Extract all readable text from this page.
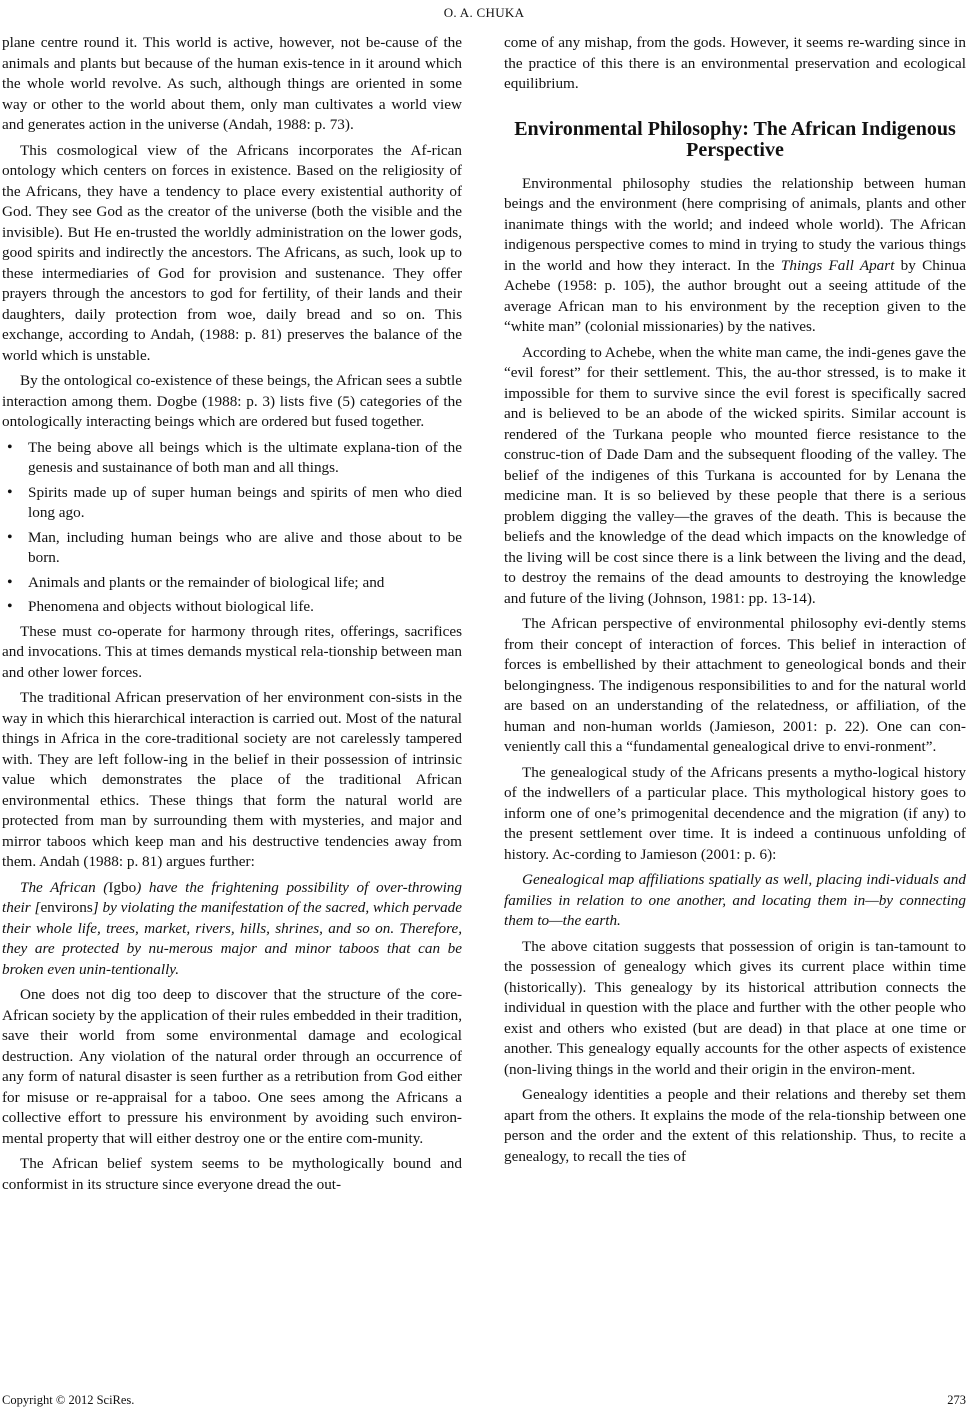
O. A. CHUKA

plane centre round it. This world is active, however, not be-cause of the animals and plants but because of the human exis-tence in it around which the whole world revolve. As such, although things are oriented in some way or other to the world about them, only man cultivates a world view and generates action in the universe (Andah, 1988: p. 73).

This cosmological view of the Africans incorporates the Af-rican ontology which centers on forces in existence. Based on the religiosity of the Africans, they have a tendency to place every existential authority of God. They see God as the creator of the universe (both the visible and the invisible). But He en-trusted the worldly administration on the lower gods, good spirits and indirectly the ancestors. The Africans, as such, look up to these intermediaries of God for provision and sustenance. They offer prayers through the ancestors to god for fertility, of their lands and their daughters, daily protection from woe, daily bread and so on. This exchange, according to Andah, (1988: p. 81) preserves the balance of the world which is unstable.

By the ontological co-existence of these beings, the African sees a subtle interaction among them. Dogbe (1988: p. 3) lists five (5) categories of the ontologically interacting beings which are ordered but fused together.

• The being above all beings which is the ultimate explana-tion of the genesis and sustainance of both man and all things.
• Spirits made up of super human beings and spirits of men who died long ago.
• Man, including human beings who are alive and those about to be born.
• Animals and plants or the remainder of biological life; and
• Phenomena and objects without biological life.

These must co-operate for harmony through rites, offerings, sacrifices and invocations. This at times demands mystical rela-tionship between man and other lower forces.

The traditional African preservation of her environment con-sists in the way in which this hierarchical interaction is carried out. Most of the natural things in Africa in the core-traditional society are not carelessly tampered with. They are left follow-ing in the belief in their possession of intrinsic value which demonstrates the place of the traditional African environmental ethics. These things that form the natural world are protected from man by surrounding them with mysteries, and major and mirror taboos which keep man and his destructive tendencies away from them. Andah (1988: p. 81) argues further:

The African (Igbo) have the frightening possibility of over-throwing their [environs] by violating the manifestation of the sacred, which pervade their whole life, trees, market, rivers, hills, shrines, and so on. Therefore, they are protected by nu-merous major and minor taboos that can be broken even unin-tentionally.

One does not dig too deep to discover that the structure of the core-African society by the application of their rules embedded in their tradition, save their world from some environmental damage and ecological destruction. Any violation of the natural order through an occurrence of any form of natural disaster is seen further as a retribution from God either for misuse or re-appraisal for a taboo. One sees among the Africans a collective effort to pressure his environment by avoiding such environ-mental property that will either destroy one or the entire com-munity.

The African belief system seems to be mythologically bound and conformist in its structure since everyone dread the out-

come of any mishap, from the gods. However, it seems re-warding since in the practice of this there is an environmental preservation and ecological equilibrium.

Environmental Philosophy: The African Indigenous Perspective

Environmental philosophy studies the relationship between human beings and the environment (here comprising of animals, plants and other inanimate things with the world; and indeed whole world). The African indigenous perspective comes to mind in trying to study the various things in the world and how they interact. In the Things Fall Apart by Chinua Achebe (1958: p. 105), the author brought out a seeing attitude of the average African man to his environment by the reception given to the “white man” (colonial missionaries) by the natives.

According to Achebe, when the white man came, the indi-genes gave the “evil forest” for their settlement. This, the au-thor stressed, is to make it impossible for them to survive since the evil forest is specifically sacred and is believed to be an abode of the wicked spirits. Similar account is rendered of the Turkana people who mounted fierce resistance to the construc-tion of Dade Dam and the subsequent flooding of the valley. The belief of the indigenes of this Turkana is accounted for by Lenana the medicine man. It is so believed by these people that there is a serious problem digging the valley—the graves of the death. This is because the beliefs and the knowledge of the dead which impacts on the knowledge of the living will be cost since there is a link between the living and the dead, to destroy the remains of the dead amounts to destroying the knowledge and future of the living (Johnson, 1981: pp. 13-14).

The African perspective of environmental philosophy evi-dently stems from their concept of interaction of forces. This belief in interaction of forces is embellished by their attachment to geneological bonds and their belongingness. The indigenous responsibilities to and for the natural world are based on an understanding of the relatedness, or affiliation, of the human and non-human worlds (Jamieson, 2001: p. 22). One can con-veniently call this a “fundamental genealogical drive to envi-ronment”.

The genealogical study of the Africans presents a mytho-logical history of the indwellers of a particular place. This mythological history goes to inform one of one’s primogenital decendence and the migration (if any) to the present settlement over time. It is indeed a continuous unfolding of history. Ac-cording to Jamieson (2001: p. 6):

Genealogical map affiliations spatially as well, placing indi-viduals and families in relation to one another, and locating them in—by connecting them to—the earth.

The above citation suggests that possession of origin is tan-tamount to the possession of genealogy which gives its current place within time (historically). This genealogy by its historical attribution connects the individual in question with the place and further with the other people who exist and others who existed (but are dead) in that place at one time or another. This genealogy equally accounts for the other aspects of existence (non-living things in the world and their origin in the environ-ment.

Genealogy identities a people and their relations and thereby set them apart from the others. It explains the mode of the rela-tionship between one person and the order and the extent of this relationship. Thus, to recite a genealogy, to recall the ties of

Copyright © 2012 SciRes.	273
